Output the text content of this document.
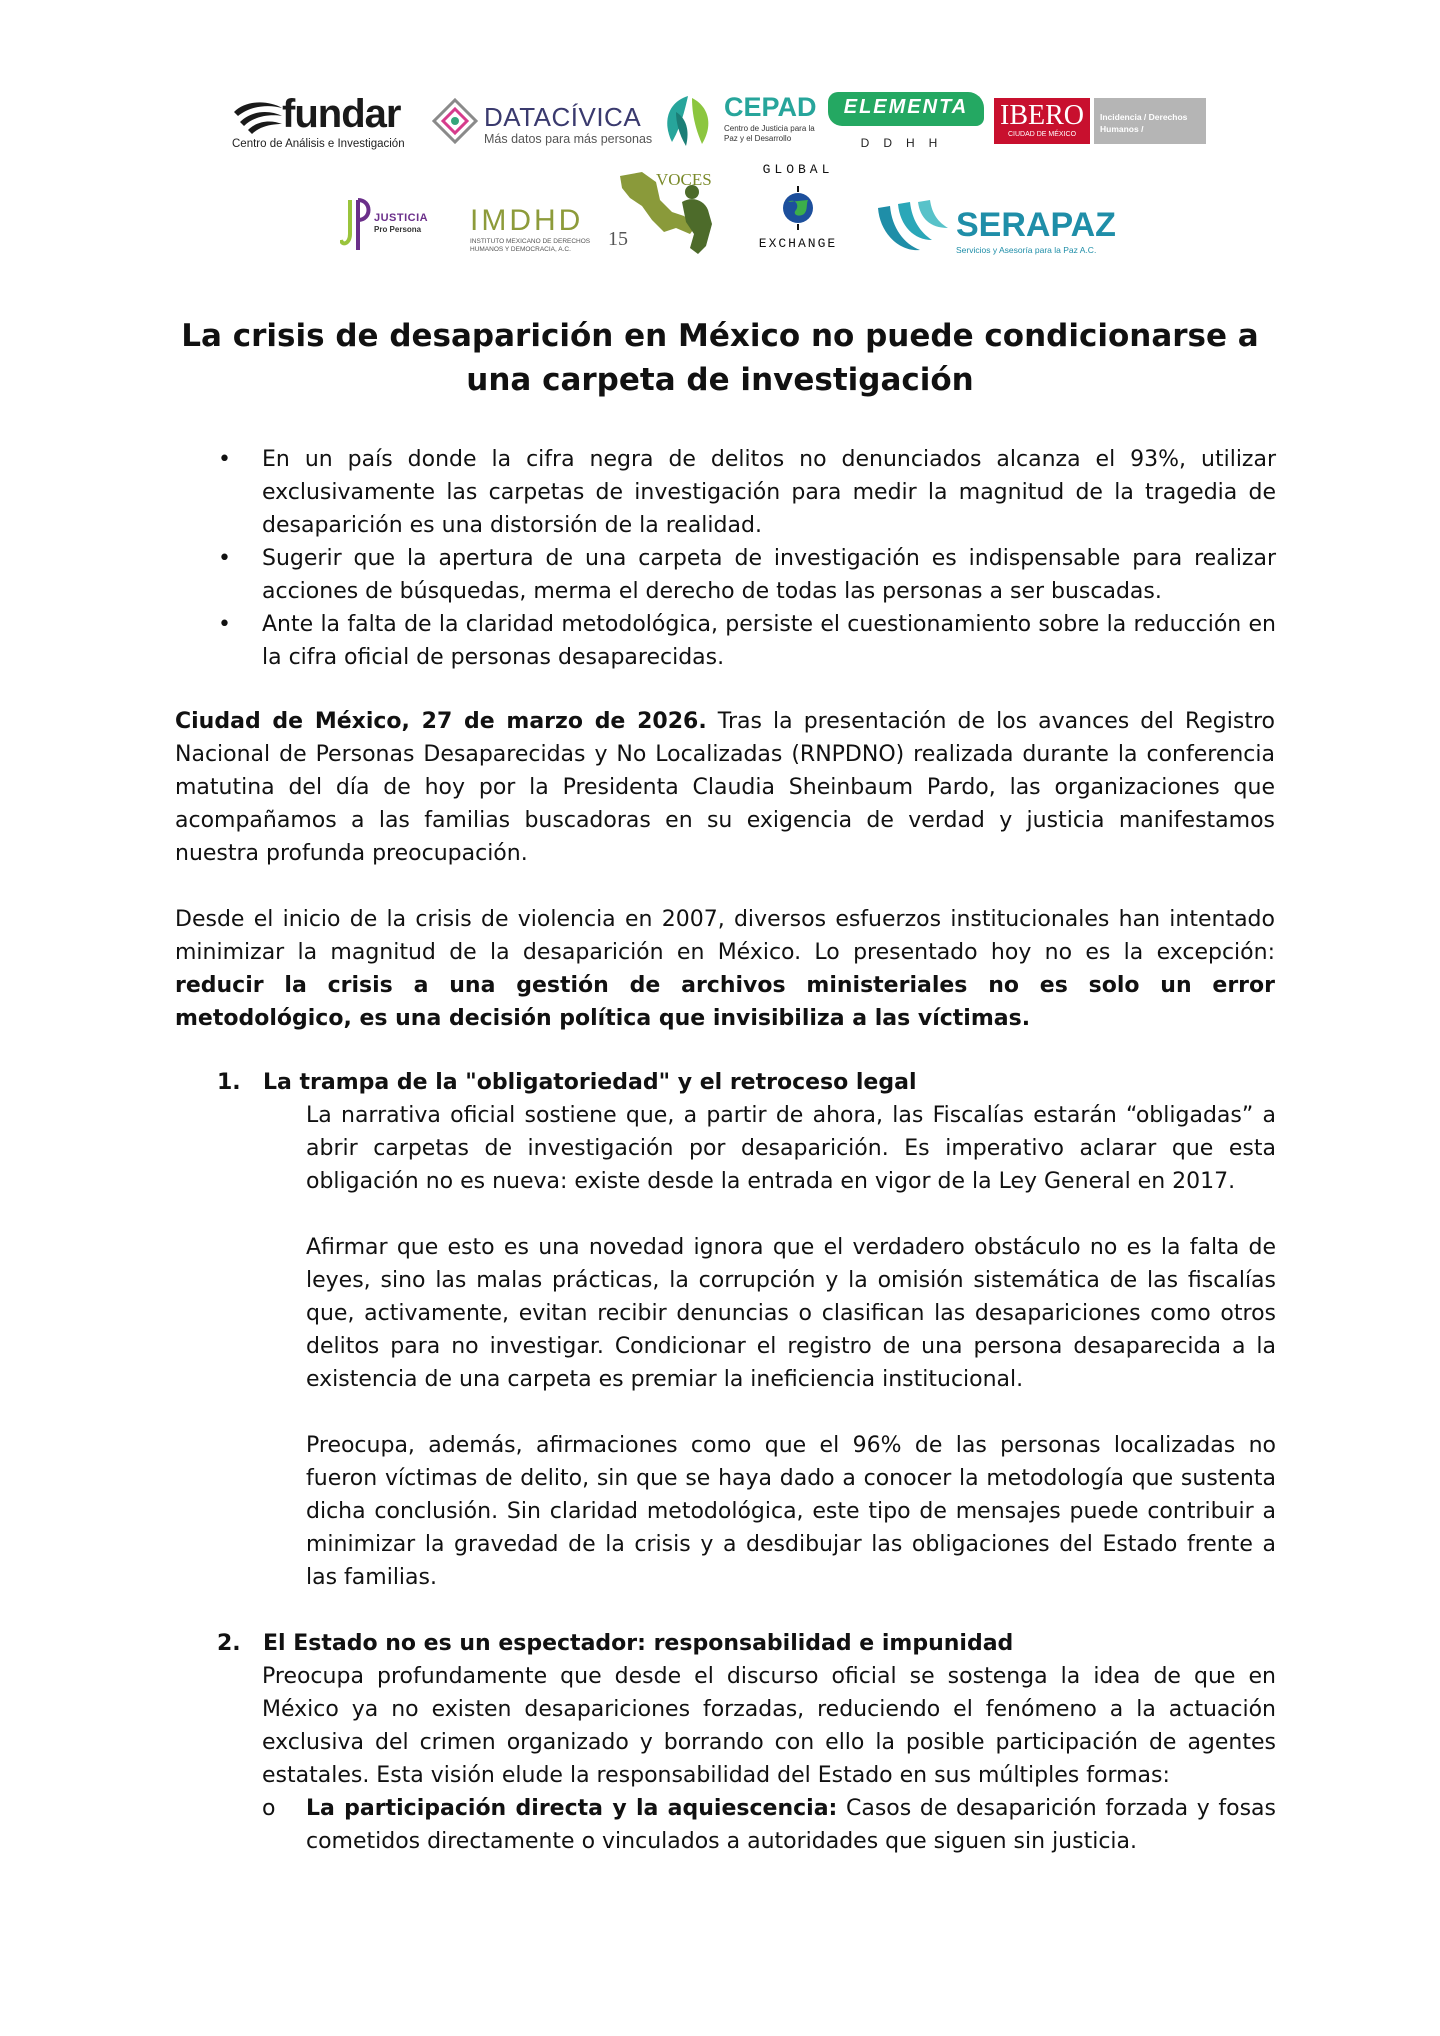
fundar
Centro de Análisis e Investigación
DATACÍVICA
Más datos para más personas
CEPAD
Centro de Justicia para la Paz y el Desarrollo
ELEMENTA
DDHH
IBERO
CIUDAD DE MÉXICO
Incidencia / Derechos Humanos /
JUSTICIA
Pro Persona IMDHD
INSTITUTO MEXICANO DE DERECHOS HUMANOS Y DEMOCRACIA, A.C.
VOCES
15
GLOBAL
EXCHANGE	SERAPAZ
Servicios y Asesoría para la Paz A.C.
La crisis de desaparición en México no puede condicionarse a
una carpeta de investigación
• En un país donde la cifra negra de delitos no denunciados alcanza el 93%, utilizar exclusivamente las carpetas de investigación para medir la magnitud de la tragedia de desaparición es una distorsión de la realidad.
• Sugerir que la apertura de una carpeta de investigación es indispensable para realizar acciones de búsquedas, merma el derecho de todas las personas a ser buscadas.
• Ante la falta de la claridad metodológica, persiste el cuestionamiento sobre la reducción en la cifra oficial de personas desaparecidas.

Ciudad de México, 27 de marzo de 2026. Tras la presentación de los avances del Registro Nacional de Personas Desaparecidas y No Localizadas (RNPDNO) realizada durante la conferencia matutina del día de hoy por la Presidenta Claudia Sheinbaum Pardo, las organizaciones que acompañamos a las familias buscadoras en su exigencia de verdad y justicia manifestamos nuestra profunda preocupación.

Desde el inicio de la crisis de violencia en 2007, diversos esfuerzos institucionales han intentado minimizar la magnitud de la desaparición en México. Lo presentado hoy no es la excepción: reducir la crisis a una gestión de archivos ministeriales no es solo un error metodológico, es una decisión política que invisibiliza a las víctimas.

1. La trampa de la "obligatoriedad" y el retroceso legal

La narrativa oficial sostiene que, a partir de ahora, las Fiscalías estarán “obligadas” a abrir carpetas de investigación por desaparición. Es imperativo aclarar que esta obligación no es nueva: existe desde la entrada en vigor de la Ley General en 2017.

Afirmar que esto es una novedad ignora que el verdadero obstáculo no es la falta de leyes, sino las malas prácticas, la corrupción y la omisión sistemática de las fiscalías que, activamente, evitan recibir denuncias o clasifican las desapariciones como otros delitos para no investigar. Condicionar el registro de una persona desaparecida a la existencia de una carpeta es premiar la ineficiencia institucional.

Preocupa, además, afirmaciones como que el 96% de las personas localizadas no fueron víctimas de delito, sin que se haya dado a conocer la metodología que sustenta dicha conclusión. Sin claridad metodológica, este tipo de mensajes puede contribuir a minimizar la gravedad de la crisis y a desdibujar las obligaciones del Estado frente a las familias.

2. El Estado no es un espectador: responsabilidad e impunidad

Preocupa profundamente que desde el discurso oficial se sostenga la idea de que en México ya no existen desapariciones forzadas, reduciendo el fenómeno a la actuación exclusiva del crimen organizado y borrando con ello la posible participación de agentes estatales. Esta visión elude la responsabilidad del Estado en sus múltiples formas:

o La participación directa y la aquiescencia: Casos de desaparición forzada y fosas cometidos directamente o vinculados a autoridades que siguen sin justicia.
